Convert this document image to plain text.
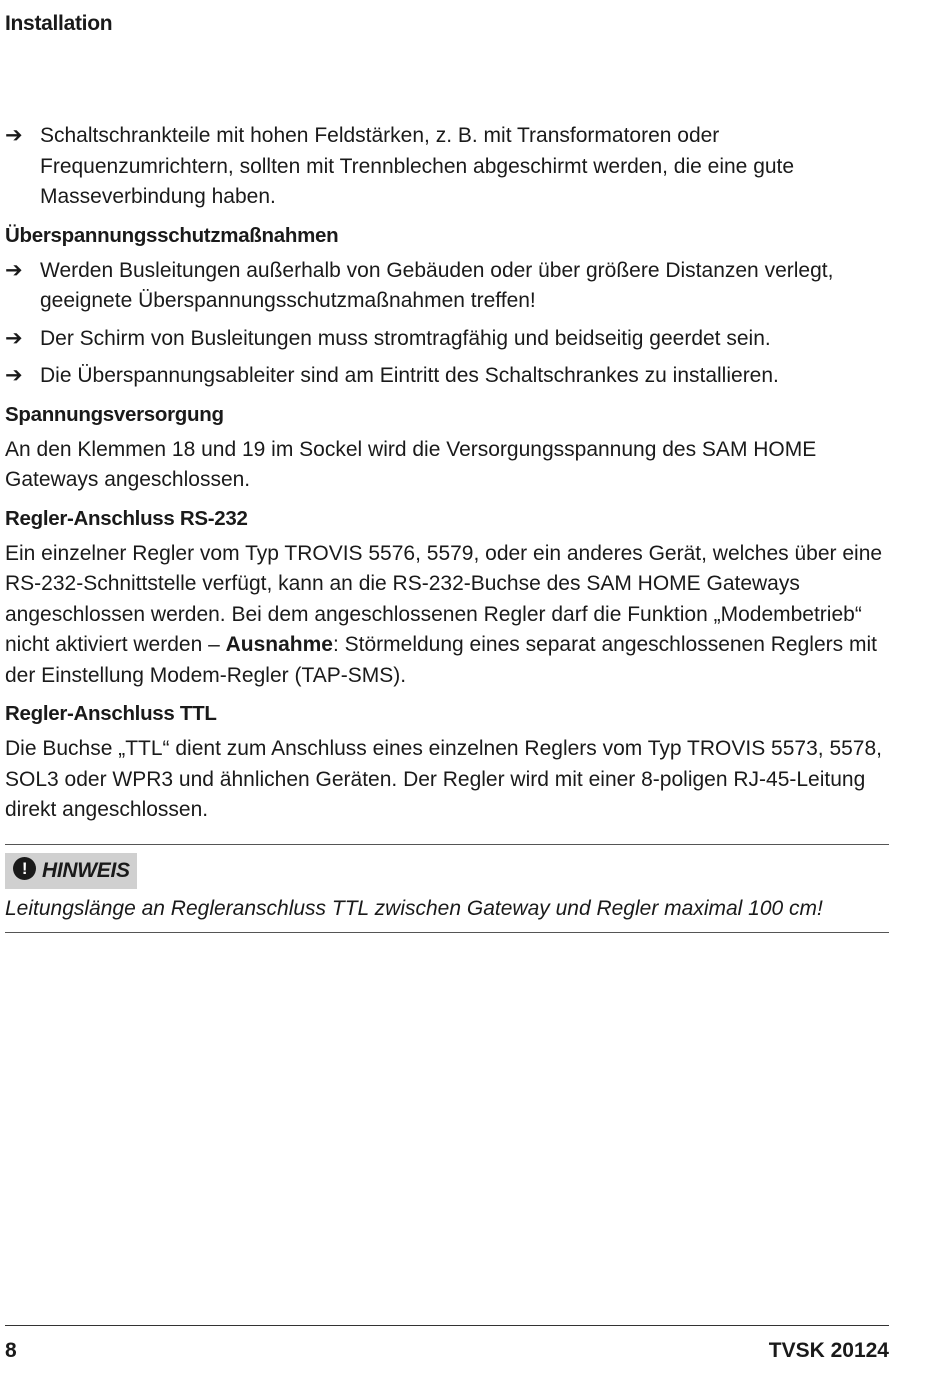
Installation
➔ Schaltschrankteile mit hohen Feldstärken, z. B. mit Transformatoren oder Frequenzumrichtern, sollten mit Trennblechen abgeschirmt werden, die eine gute Masseverbindung haben.
Überspannungsschutzmaßnahmen
➔ Werden Busleitungen außerhalb von Gebäuden oder über größere Distanzen verlegt, geeignete Überspannungsschutzmaßnahmen treffen!
➔ Der Schirm von Busleitungen muss stromtragfähig und beidseitig geerdet sein.
➔ Die Überspannungsableiter sind am Eintritt des Schaltschrankes zu installieren.
Spannungsversorgung

An den Klemmen 18 und 19 im Sockel wird die Versorgungsspannung des SAM HOME Gateways angeschlossen.

Regler-Anschluss RS-232

Ein einzelner Regler vom Typ TROVIS 5576, 5579, oder ein anderes Gerät, welches über eine RS-232-Schnittstelle verfügt, kann an die RS-232-Buchse des SAM HOME Gateways angeschlossen werden. Bei dem angeschlossenen Regler darf die Funktion „Modembetrieb“ nicht aktiviert werden – Ausnahme: Störmeldung eines separat angeschlossenen Reglers mit der Einstellung Modem-Regler (TAP-SMS).

Regler-Anschluss TTL

Die Buchse „TTL“ dient zum Anschluss eines einzelnen Reglers vom Typ TROVIS 5573, 5578, SOL3 oder WPR3 und ähnlichen Geräten. Der Regler wird mit einer 8-poligen RJ-45-Leitung direkt angeschlossen.

! HINWEIS
Leitungslänge an Regleranschluss TTL zwischen Gateway und Regler maximal 100 cm!
8	TVSK 20124
